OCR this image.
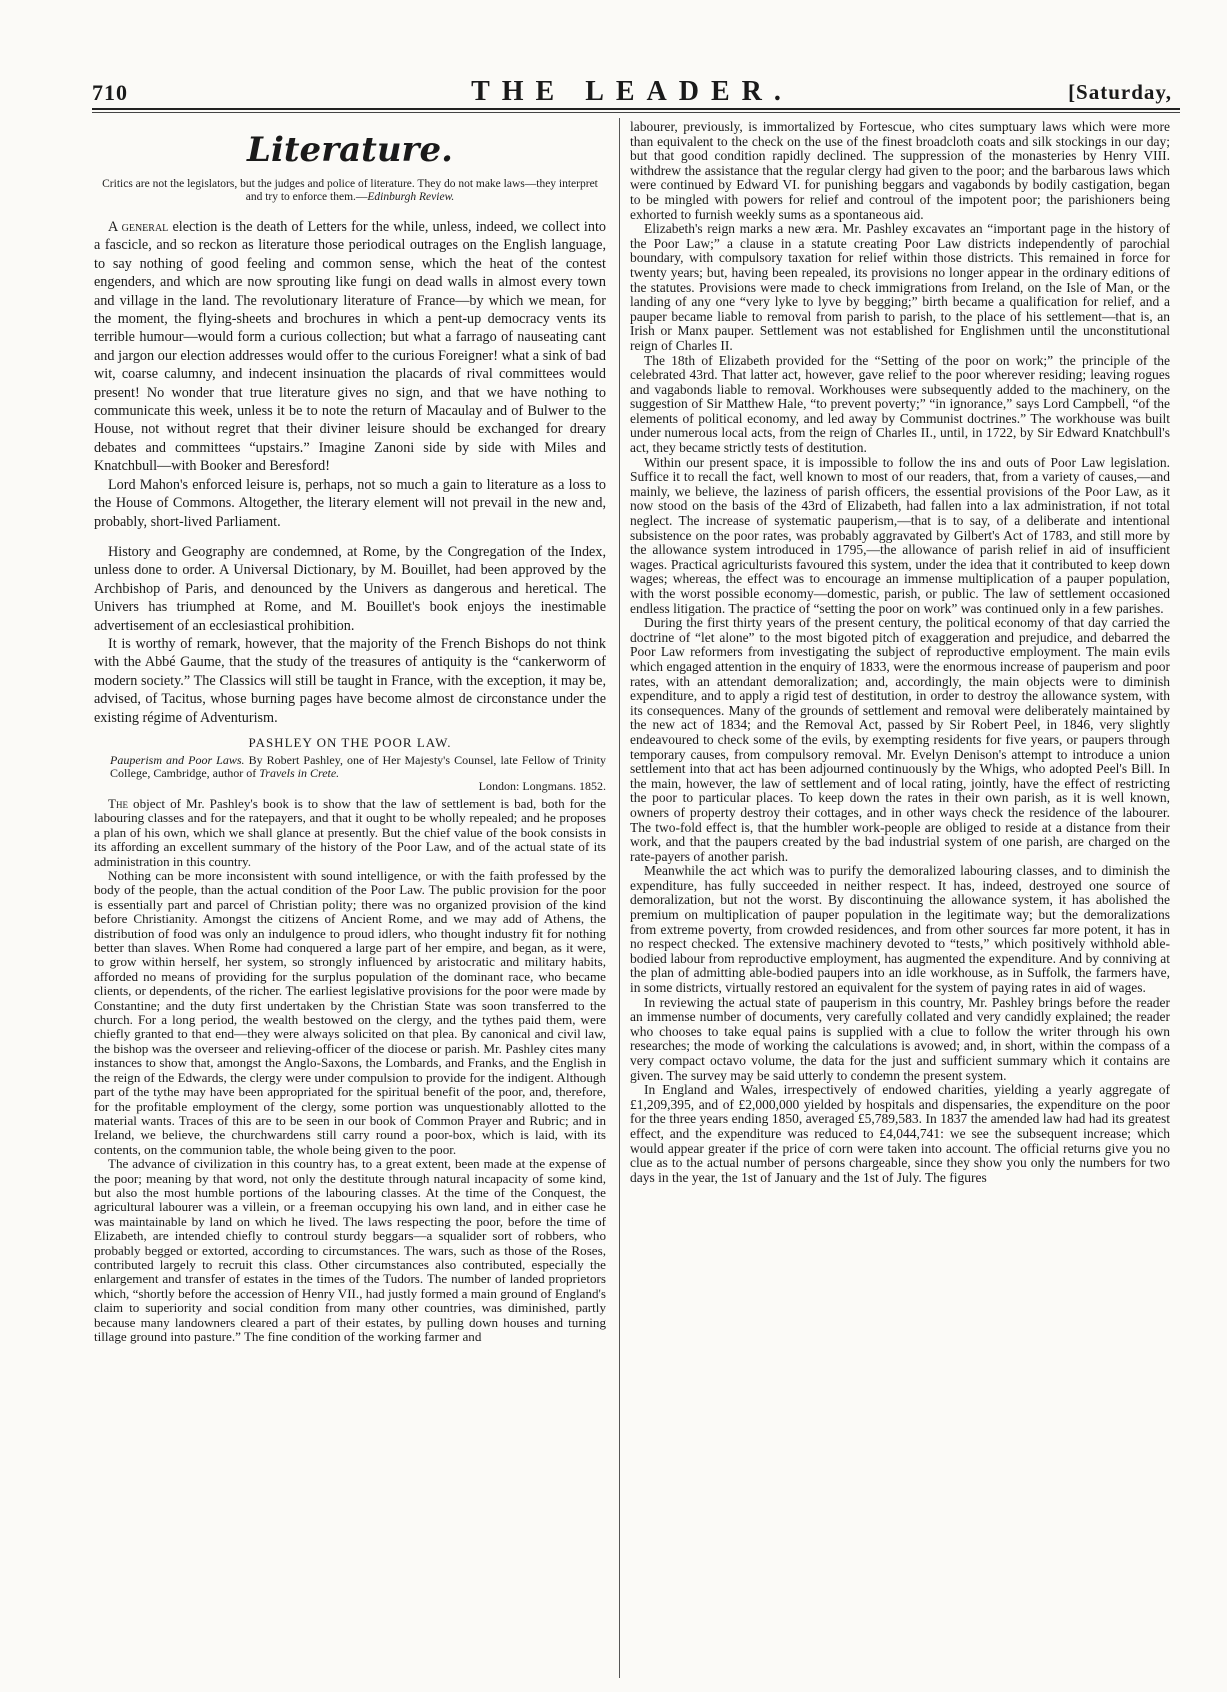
710	THE LEADER.	[Saturday,
Literature.
Critics are not the legislators, but the judges and police of literature. They do not make laws—they interpret and try to enforce them.—Edinburgh Review.

A general election is the death of Letters for the while, unless, indeed, we collect into a fascicle, and so reckon as literature those periodical outrages on the English language, to say nothing of good feeling and common sense, which the heat of the contest engenders, and which are now sprouting like fungi on dead walls in almost every town and village in the land. The revolutionary literature of France—by which we mean, for the moment, the flying-sheets and brochures in which a pent-up democracy vents its terrible humour—would form a curious collection; but what a farrago of nauseating cant and jargon our election addresses would offer to the curious Foreigner! what a sink of bad wit, coarse calumny, and indecent insinuation the placards of rival committees would present! No wonder that true literature gives no sign, and that we have nothing to communicate this week, unless it be to note the return of Macaulay and of Bulwer to the House, not without regret that their diviner leisure should be exchanged for dreary debates and committees “upstairs.” Imagine Zanoni side by side with Miles and Knatchbull—with Booker and Beresford!

Lord Mahon's enforced leisure is, perhaps, not so much a gain to literature as a loss to the House of Commons. Altogether, the literary element will not prevail in the new and, probably, short-lived Parliament.

History and Geography are condemned, at Rome, by the Congregation of the Index, unless done to order. A Universal Dictionary, by M. Bouillet, had been approved by the Archbishop of Paris, and denounced by the Univers as dangerous and heretical. The Univers has triumphed at Rome, and M. Bouillet's book enjoys the inestimable advertisement of an ecclesiastical prohibition.

It is worthy of remark, however, that the majority of the French Bishops do not think with the Abbé Gaume, that the study of the treasures of antiquity is the “cankerworm of modern society.” The Classics will still be taught in France, with the exception, it may be, advised, of Tacitus, whose burning pages have become almost de circonstance under the existing régime of Adventurism.

PASHLEY ON THE POOR LAW.
Pauperism and Poor Laws. By Robert Pashley, one of Her Majesty's Counsel, late Fellow of Trinity College, Cambridge, author of Travels in Crete.
London: Longmans. 1852.

The object of Mr. Pashley's book is to show that the law of settlement is bad, both for the labouring classes and for the ratepayers, and that it ought to be wholly repealed; and he proposes a plan of his own, which we shall glance at presently. But the chief value of the book consists in its affording an excellent summary of the history of the Poor Law, and of the actual state of its administration in this country.

Nothing can be more inconsistent with sound intelligence, or with the faith professed by the body of the people, than the actual condition of the Poor Law. The public provision for the poor is essentially part and parcel of Christian polity; there was no organized provision of the kind before Christianity. Amongst the citizens of Ancient Rome, and we may add of Athens, the distribution of food was only an indulgence to proud idlers, who thought industry fit for nothing better than slaves. When Rome had conquered a large part of her empire, and began, as it were, to grow within herself, her system, so strongly influenced by aristocratic and military habits, afforded no means of providing for the surplus population of the dominant race, who became clients, or dependents, of the richer. The earliest legislative provisions for the poor were made by Constantine; and the duty first undertaken by the Christian State was soon transferred to the church. For a long period, the wealth bestowed on the clergy, and the tythes paid them, were chiefly granted to that end—they were always solicited on that plea. By canonical and civil law, the bishop was the overseer and relieving-officer of the diocese or parish. Mr. Pashley cites many instances to show that, amongst the Anglo-Saxons, the Lombards, and Franks, and the English in the reign of the Edwards, the clergy were under compulsion to provide for the indigent. Although part of the tythe may have been appropriated for the spiritual benefit of the poor, and, therefore, for the profitable employment of the clergy, some portion was unquestionably allotted to the material wants. Traces of this are to be seen in our book of Common Prayer and Rubric; and in Ireland, we believe, the churchwardens still carry round a poor-box, which is laid, with its contents, on the communion table, the whole being given to the poor.

The advance of civilization in this country has, to a great extent, been made at the expense of the poor; meaning by that word, not only the destitute through natural incapacity of some kind, but also the most humble portions of the labouring classes. At the time of the Conquest, the agricultural labourer was a villein, or a freeman occupying his own land, and in either case he was maintainable by land on which he lived. The laws respecting the poor, before the time of Elizabeth, are intended chiefly to controul sturdy beggars—a squalider sort of robbers, who probably begged or extorted, according to circumstances. The wars, such as those of the Roses, contributed largely to recruit this class. Other circumstances also contributed, especially the enlargement and transfer of estates in the times of the Tudors. The number of landed proprietors which, “shortly before the accession of Henry VII., had justly formed a main ground of England's claim to superiority and social condition from many other countries, was diminished, partly because many landowners cleared a part of their estates, by pulling down houses and turning tillage ground into pasture.” The fine condition of the working farmer and

labourer, previously, is immortalized by Fortescue, who cites sumptuary laws which were more than equivalent to the check on the use of the finest broadcloth coats and silk stockings in our day; but that good condition rapidly declined. The suppression of the monasteries by Henry VIII. withdrew the assistance that the regular clergy had given to the poor; and the barbarous laws which were continued by Edward VI. for punishing beggars and vagabonds by bodily castigation, began to be mingled with powers for relief and controul of the impotent poor; the parishioners being exhorted to furnish weekly sums as a spontaneous aid.

Elizabeth's reign marks a new æra. Mr. Pashley excavates an “important page in the history of the Poor Law;” a clause in a statute creating Poor Law districts independently of parochial boundary, with compulsory taxation for relief within those districts. This remained in force for twenty years; but, having been repealed, its provisions no longer appear in the ordinary editions of the statutes. Provisions were made to check immigrations from Ireland, on the Isle of Man, or the landing of any one “very lyke to lyve by begging;” birth became a qualification for relief, and a pauper became liable to removal from parish to parish, to the place of his settlement—that is, an Irish or Manx pauper. Settlement was not established for Englishmen until the unconstitutional reign of Charles II.

The 18th of Elizabeth provided for the “Setting of the poor on work;” the principle of the celebrated 43rd. That latter act, however, gave relief to the poor wherever residing; leaving rogues and vagabonds liable to removal. Workhouses were subsequently added to the machinery, on the suggestion of Sir Matthew Hale, “to prevent poverty;” “in ignorance,” says Lord Campbell, “of the elements of political economy, and led away by Communist doctrines.” The workhouse was built under numerous local acts, from the reign of Charles II., until, in 1722, by Sir Edward Knatchbull's act, they became strictly tests of destitution.

Within our present space, it is impossible to follow the ins and outs of Poor Law legislation. Suffice it to recall the fact, well known to most of our readers, that, from a variety of causes,—and mainly, we believe, the laziness of parish officers, the essential provisions of the Poor Law, as it now stood on the basis of the 43rd of Elizabeth, had fallen into a lax administration, if not total neglect. The increase of systematic pauperism,—that is to say, of a deliberate and intentional subsistence on the poor rates, was probably aggravated by Gilbert's Act of 1783, and still more by the allowance system introduced in 1795,—the allowance of parish relief in aid of insufficient wages. Practical agriculturists favoured this system, under the idea that it contributed to keep down wages; whereas, the effect was to encourage an immense multiplication of a pauper population, with the worst possible economy—domestic, parish, or public. The law of settlement occasioned endless litigation. The practice of “setting the poor on work” was continued only in a few parishes.

During the first thirty years of the present century, the political economy of that day carried the doctrine of “let alone” to the most bigoted pitch of exaggeration and prejudice, and debarred the Poor Law reformers from investigating the subject of reproductive employment. The main evils which engaged attention in the enquiry of 1833, were the enormous increase of pauperism and poor rates, with an attendant demoralization; and, accordingly, the main objects were to diminish expenditure, and to apply a rigid test of destitution, in order to destroy the allowance system, with its consequences. Many of the grounds of settlement and removal were deliberately maintained by the new act of 1834; and the Removal Act, passed by Sir Robert Peel, in 1846, very slightly endeavoured to check some of the evils, by exempting residents for five years, or paupers through temporary causes, from compulsory removal. Mr. Evelyn Denison's attempt to introduce a union settlement into that act has been adjourned continuously by the Whigs, who adopted Peel's Bill. In the main, however, the law of settlement and of local rating, jointly, have the effect of restricting the poor to particular places. To keep down the rates in their own parish, as it is well known, owners of property destroy their cottages, and in other ways check the residence of the labourer. The two-fold effect is, that the humbler work-people are obliged to reside at a distance from their work, and that the paupers created by the bad industrial system of one parish, are charged on the rate-payers of another parish.

Meanwhile the act which was to purify the demoralized labouring classes, and to diminish the expenditure, has fully succeeded in neither respect. It has, indeed, destroyed one source of demoralization, but not the worst. By discontinuing the allowance system, it has abolished the premium on multiplication of pauper population in the legitimate way; but the demoralizations from extreme poverty, from crowded residences, and from other sources far more potent, it has in no respect checked. The extensive machinery devoted to “tests,” which positively withhold able-bodied labour from reproductive employment, has augmented the expenditure. And by conniving at the plan of admitting able-bodied paupers into an idle workhouse, as in Suffolk, the farmers have, in some districts, virtually restored an equivalent for the system of paying rates in aid of wages.

In reviewing the actual state of pauperism in this country, Mr. Pashley brings before the reader an immense number of documents, very carefully collated and very candidly explained; the reader who chooses to take equal pains is supplied with a clue to follow the writer through his own researches; the mode of working the calculations is avowed; and, in short, within the compass of a very compact octavo volume, the data for the just and sufficient summary which it contains are given. The survey may be said utterly to condemn the present system.

In England and Wales, irrespectively of endowed charities, yielding a yearly aggregate of £1,209,395, and of £2,000,000 yielded by hospitals and dispensaries, the expenditure on the poor for the three years ending 1850, averaged £5,789,583. In 1837 the amended law had had its greatest effect, and the expenditure was reduced to £4,044,741: we see the subsequent increase; which would appear greater if the price of corn were taken into account. The official returns give you no clue as to the actual number of persons chargeable, since they show you only the numbers for two days in the year, the 1st of January and the 1st of July. The figures
